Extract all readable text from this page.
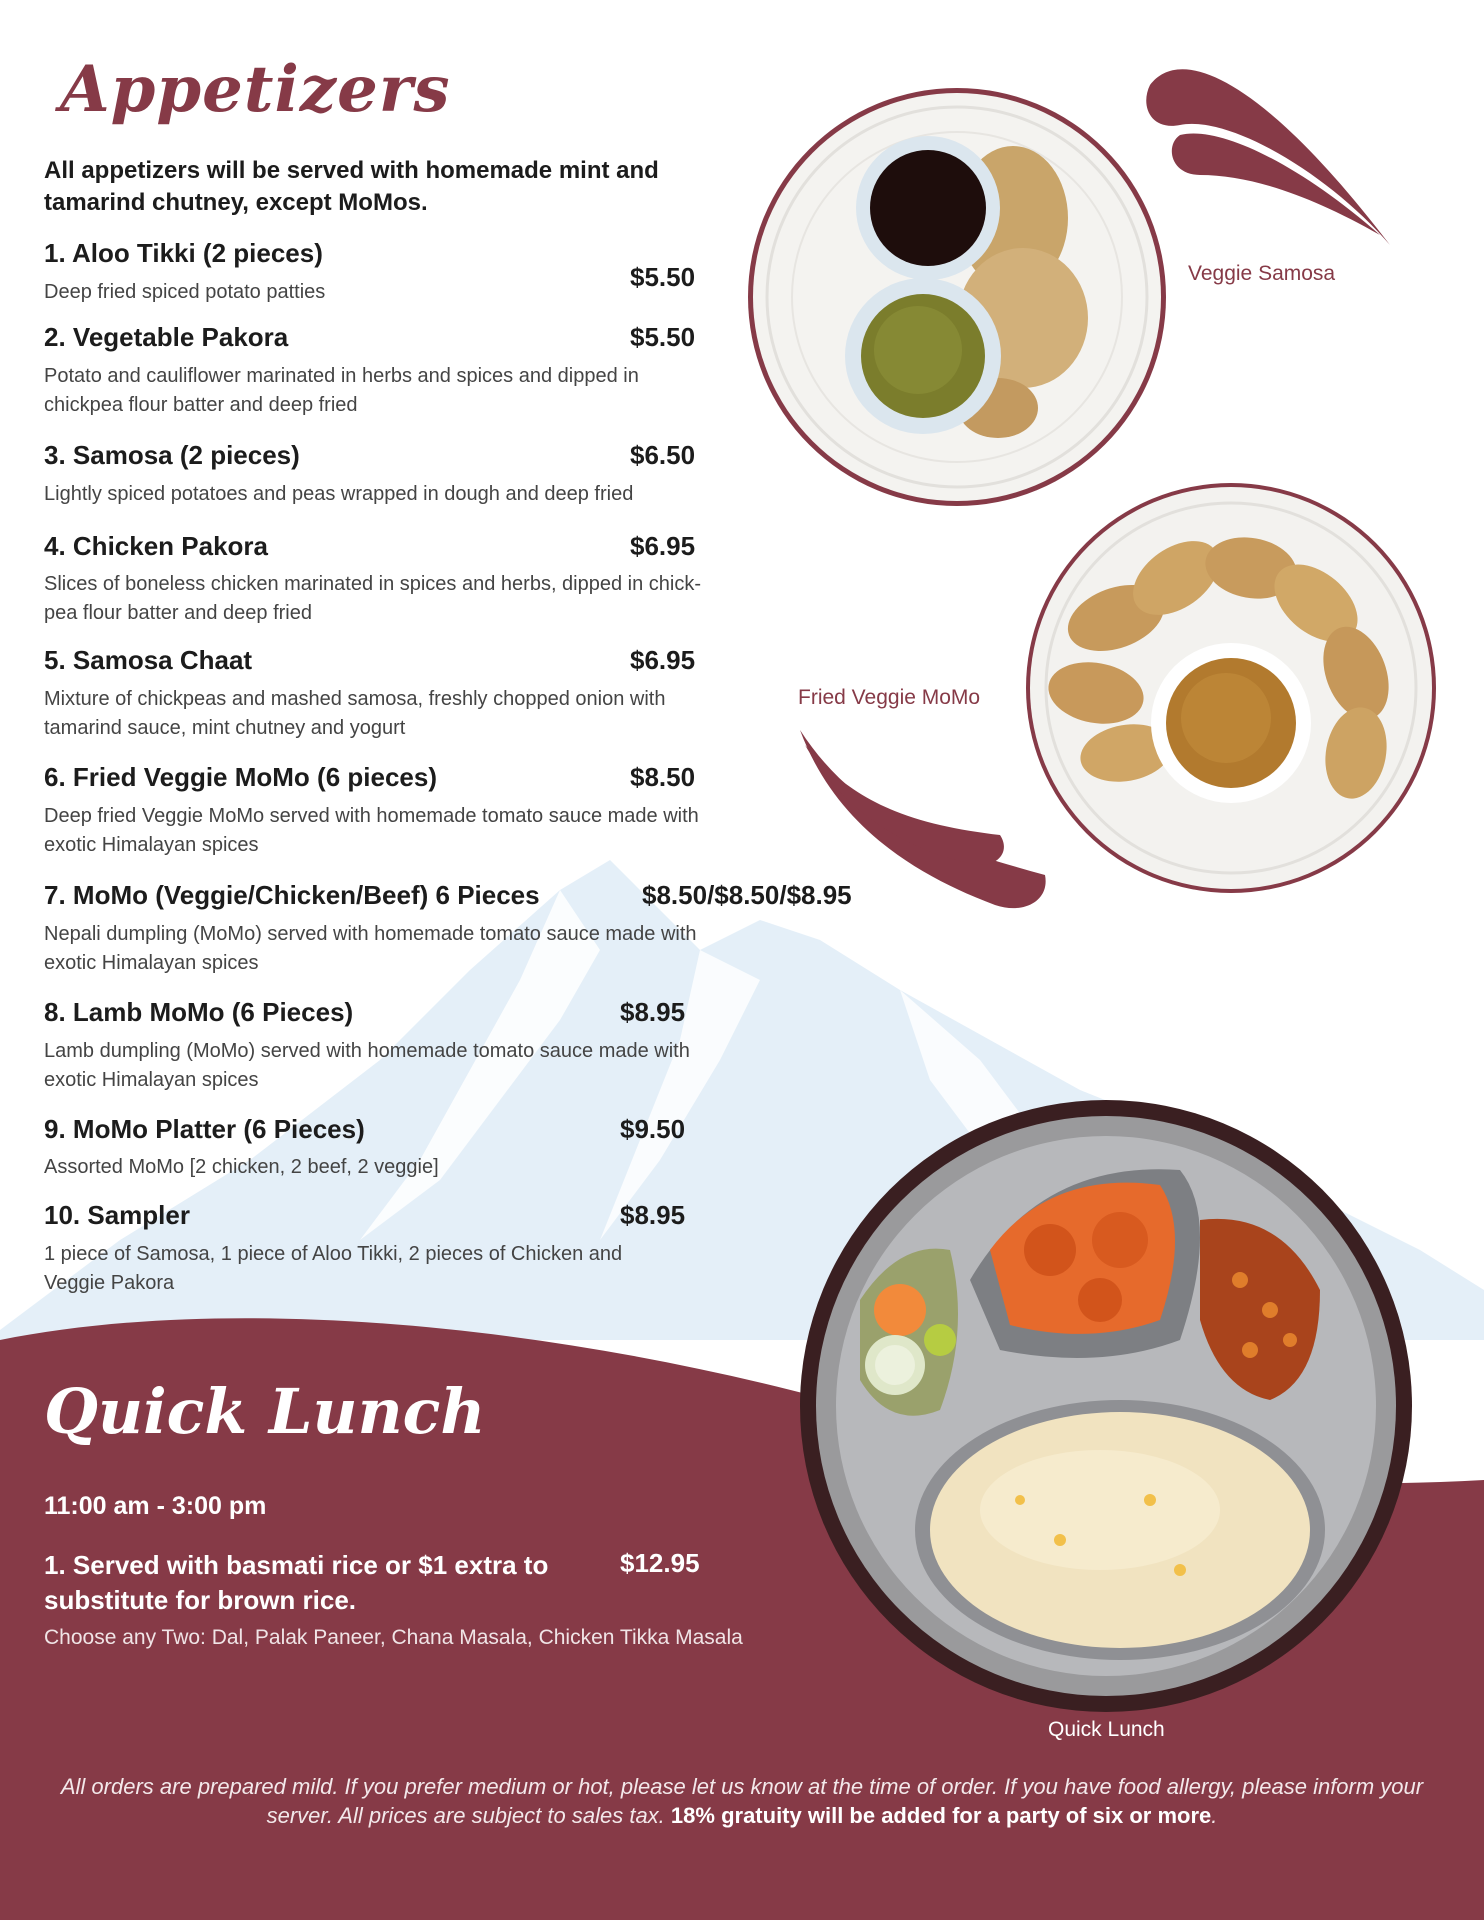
Appetizers
All appetizers will be served with homemade mint and tamarind chutney, except MoMos.
1. Aloo Tikki (2 pieces)
$5.50
Deep fried spiced potato patties
2. Vegetable Pakora	$5.50
Potato and cauliflower marinated in herbs and spices and dipped in chickpea flour batter and deep fried
3. Samosa (2 pieces)	$6.50
Lightly spiced potatoes and peas wrapped in dough and deep fried
4. Chicken Pakora	$6.95
Slices of boneless chicken marinated in spices and herbs, dipped in chick-pea flour batter and deep fried
5. Samosa Chaat	$6.95
Mixture of chickpeas and mashed samosa, freshly chopped onion with tamarind sauce, mint chutney and yogurt
6. Fried Veggie MoMo (6 pieces)	$8.50
Deep fried Veggie MoMo served with homemade tomato sauce made with exotic Himalayan spices
7. MoMo (Veggie/Chicken/Beef) 6 Pieces	$8.50/$8.50/$8.95
Nepali dumpling (MoMo) served with homemade tomato sauce made with exotic Himalayan spices
8. Lamb MoMo (6 Pieces)	$8.95
Lamb dumpling (MoMo) served with homemade tomato sauce made with exotic Himalayan spices
9. MoMo Platter (6 Pieces)	$9.50
Assorted MoMo [2 chicken, 2 beef, 2 veggie]
10. Sampler	$8.95
1 piece of Samosa, 1 piece of Aloo Tikki, 2 pieces of Chicken and Veggie Pakora
Veggie Samosa
Fried Veggie MoMo
Quick Lunch
Quick Lunch
11:00 am - 3:00 pm
1. Served with basmati rice or $1 extra to substitute for brown rice.
$12.95
Choose any Two: Dal, Palak Paneer, Chana Masala, Chicken Tikka Masala
All orders are prepared mild. If you prefer medium or hot, please let us know at the time of order. If you have food allergy, please inform your server. All prices are subject to sales tax. 18% gratuity will be added for a party of six or more.
